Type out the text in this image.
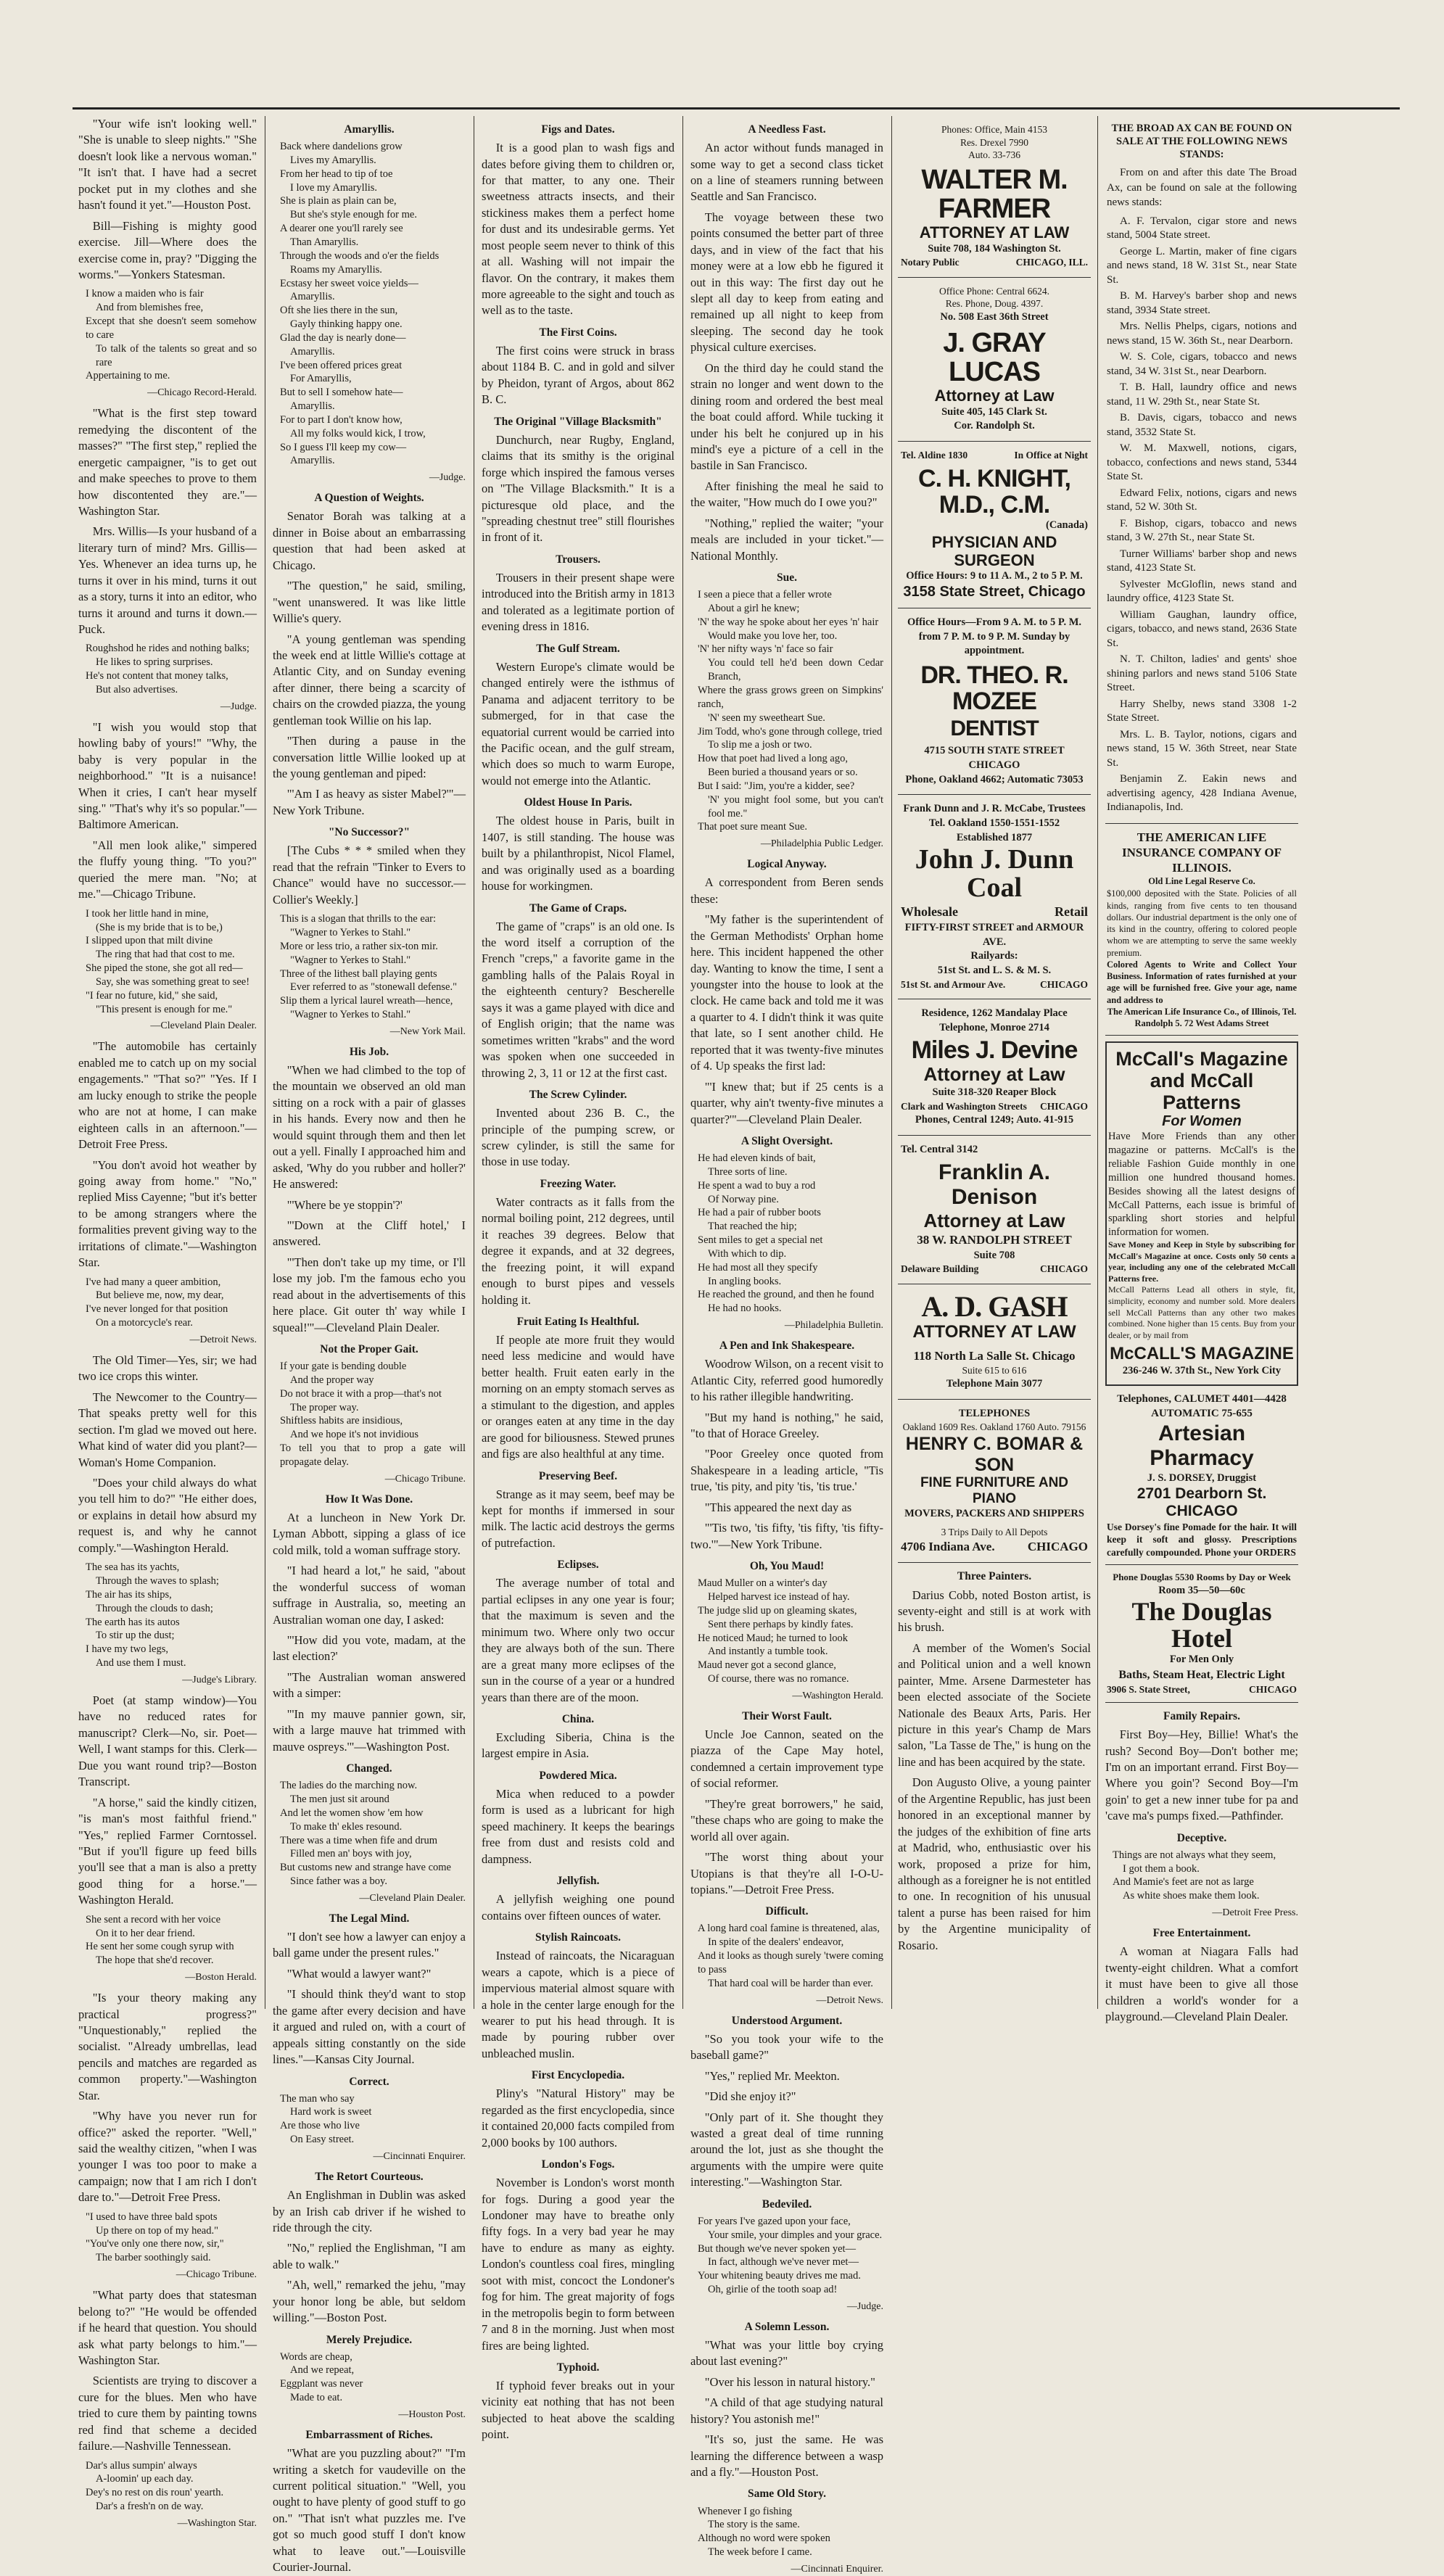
"Your wife isn't looking well." "She is unable to sleep nights." "She doesn't look like a nervous woman." "It isn't that. I have had a secret pocket put in my clothes and she hasn't found it yet."—Houston Post.

Bill—Fishing is mighty good exercise. Jill—Where does the exercise come in, pray? "Digging the worms."—Yonkers Statesman.

I know a maiden who is fair
And from blemishes free,
Except that she doesn't seem somehow to care
To talk of the talents so great and so rare
Appertaining to me.
—Chicago Record-Herald.

"What is the first step toward remedying the discontent of the masses?" "The first step," replied the energetic campaigner, "is to get out and make speeches to prove to them how discontented they are."—Washington Star.

Mrs. Willis—Is your husband of a literary turn of mind? Mrs. Gillis—Yes. Whenever an idea turns up, he turns it over in his mind, turns it out as a story, turns it into an editor, who turns it around and turns it down.—Puck.

Roughshod he rides and nothing balks;
He likes to spring surprises.
He's not content that money talks,
But also advertises.
—Judge.

"I wish you would stop that howling baby of yours!" "Why, the baby is very popular in the neighborhood." "It is a nuisance! When it cries, I can't hear myself sing." "That's why it's so popular."—Baltimore American.

"All men look alike," simpered the fluffy young thing. "To you?" queried the mere man. "No; at me."—Chicago Tribune.

I took her little hand in mine,
(She is my bride that is to be,)
I slipped upon that milt divine
The ring that had that cost to me.
She piped the stone, she got all red—
Say, she was something great to see!
"I fear no future, kid," she said,
"This present is enough for me."
—Cleveland Plain Dealer.

"The automobile has certainly enabled me to catch up on my social engagements." "That so?" "Yes. If I am lucky enough to strike the people who are not at home, I can make eighteen calls in an afternoon."—Detroit Free Press.

"You don't avoid hot weather by going away from home." "No," replied Miss Cayenne; "but it's better to be among strangers where the formalities prevent giving way to the irritations of climate."—Washington Star.

I've had many a queer ambition,
But believe me, now, my dear,
I've never longed for that position
On a motorcycle's rear.
—Detroit News.

The Old Timer—Yes, sir; we had two ice crops this winter.

The Newcomer to the Country—That speaks pretty well for this section. I'm glad we moved out here. What kind of water did you plant?—Woman's Home Companion.

"Does your child always do what you tell him to do?" "He either does, or explains in detail how absurd my request is, and why he cannot comply."—Washington Herald.

The sea has its yachts,
Through the waves to splash;
The air has its ships,
Through the clouds to dash;
The earth has its autos
To stir up the dust;
I have my two legs,
And use them I must.
—Judge's Library.

Poet (at stamp window)—You have no reduced rates for manuscript? Clerk—No, sir. Poet—Well, I want stamps for this. Clerk—Due you want round trip?—Boston Transcript.

"A horse," said the kindly citizen, "is man's most faithful friend." "Yes," replied Farmer Corntossel. "But if you'll figure up feed bills you'll see that a man is also a pretty good thing for a horse."—Washington Herald.

She sent a record with her voice
On it to her dear friend.
He sent her some cough syrup with
The hope that she'd recover.
—Boston Herald.

"Is your theory making any practical progress?" "Unquestionably," replied the socialist. "Already umbrellas, lead pencils and matches are regarded as common property."—Washington Star.

"Why have you never run for office?" asked the reporter. "Well," said the wealthy citizen, "when I was younger I was too poor to make a campaign; now that I am rich I don't dare to."—Detroit Free Press.

"I used to have three bald spots
Up there on top of my head."
"You've only one there now, sir,"
The barber soothingly said.
—Chicago Tribune.

"What party does that statesman belong to?" "He would be offended if he heard that question. You should ask what party belongs to him."—Washington Star.

Scientists are trying to discover a cure for the blues. Men who have tried to cure them by painting towns red find that scheme a decided failure.—Nashville Tennessean.

Dar's allus sumpin' always
A-loomin' up each day.
Dey's no rest on dis roun' yearth.
Dar's a fresh'n on de way.
—Washington Star.
Amaryllis.
Back where dandelions grow
Lives my Amaryllis.
From her head to tip of toe
I love my Amaryllis.
She is plain as plain can be,
But she's style enough for me.
A dearer one you'll rarely see
Than Amaryllis.
Through the woods and o'er the fields
Roams my Amaryllis.
Ecstasy her sweet voice yields—
Amaryllis.
Oft she lies there in the sun,
Gayly thinking happy one.
Glad the day is nearly done—
Amaryllis.
I've been offered prices great
For Amaryllis,
But to sell I somehow hate—
Amaryllis.
For to part I don't know how,
All my folks would kick, I trow,
So I guess I'll keep my cow—
Amaryllis.
—Judge.
A Question of Weights.

Senator Borah was talking at a dinner in Boise about an embarrassing question that had been asked at Chicago.

"The question," he said, smiling, "went unanswered. It was like little Willie's query.

"A young gentleman was spending the week end at little Willie's cottage at Atlantic City, and on Sunday evening after dinner, there being a scarcity of chairs on the crowded piazza, the young gentleman took Willie on his lap.

"Then during a pause in the conversation little Willie looked up at the young gentleman and piped:

"'Am I as heavy as sister Mabel?'"—New York Tribune.

"No Successor?"

[The Cubs * * * smiled when they read that the refrain "Tinker to Evers to Chance" would have no successor.—Collier's Weekly.]

This is a slogan that thrills to the ear:
"Wagner to Yerkes to Stahl."
More or less trio, a rather six-ton mir.
"Wagner to Yerkes to Stahl."
Three of the lithest ball playing gents
Ever referred to as "stonewall defense."
Slip them a lyrical laurel wreath—hence,
"Wagner to Yerkes to Stahl."
—New York Mail.
His Job.

"When we had climbed to the top of the mountain we observed an old man sitting on a rock with a pair of glasses in his hands. Every now and then he would squint through them and then let out a yell. Finally I approached him and asked, 'Why do you rubber and holler?' He answered:

"'Where be ye stoppin'?'

"'Down at the Cliff hotel,' I answered.

"'Then don't take up my time, or I'll lose my job. I'm the famous echo you read about in the advertisements of this here place. Git outer th' way while I squeal!'"—Cleveland Plain Dealer.

Not the Proper Gait.
If your gate is bending double
And the proper way
Do not brace it with a prop—that's not
The proper way.
Shiftless habits are insidious,
And we hope it's not invidious
To tell you that to prop a gate will propagate delay.
—Chicago Tribune.
How It Was Done.

At a luncheon in New York Dr. Lyman Abbott, sipping a glass of ice cold milk, told a woman suffrage story.

"I had heard a lot," he said, "about the wonderful success of woman suffrage in Australia, so, meeting an Australian woman one day, I asked:

"'How did you vote, madam, at the last election?'

"The Australian woman answered with a simper:

"'In my mauve pannier gown, sir, with a large mauve hat trimmed with mauve ospreys.'"—Washington Post.

Changed.
The ladies do the marching now.
The men just sit around
And let the women show 'em how
To make th' ekles resound.
There was a time when fife and drum
Filled men an' boys with joy,
But customs new and strange have come
Since father was a boy.
—Cleveland Plain Dealer.
The Legal Mind.

"I don't see how a lawyer can enjoy a ball game under the present rules."

"What would a lawyer want?"

"I should think they'd want to stop the game after every decision and have it argued and ruled on, with a court of appeals sitting constantly on the side lines."—Kansas City Journal.

Correct.
The man who say
Hard work is sweet
Are those who live
On Easy street.
—Cincinnati Enquirer.
The Retort Courteous.

An Englishman in Dublin was asked by an Irish cab driver if he wished to ride through the city.

"No," replied the Englishman, "I am able to walk."

"Ah, well," remarked the jehu, "may your honor long be able, but seldom willing."—Boston Post.

Merely Prejudice.
Words are cheap,
And we repeat,
Eggplant was never
Made to eat.
—Houston Post.
Embarrassment of Riches.

"What are you puzzling about?" "I'm writing a sketch for vaudeville on the current political situation." "Well, you ought to have plenty of good stuff to go on." "That isn't what puzzles me. I've got so much good stuff I don't know what to leave out."—Louisville Courier-Journal.

Figs and Dates.

It is a good plan to wash figs and dates before giving them to children or, for that matter, to any one. Their sweetness attracts insects, and their stickiness makes them a perfect home for dust and its undesirable germs. Yet most people seem never to think of this at all. Washing will not impair the flavor. On the contrary, it makes them more agreeable to the sight and touch as well as to the taste.

The First Coins.

The first coins were struck in brass about 1184 B. C. and in gold and silver by Pheidon, tyrant of Argos, about 862 B. C.

The Original "Village Blacksmith"

Dunchurch, near Rugby, England, claims that its smithy is the original forge which inspired the famous verses on "The Village Blacksmith." It is a picturesque old place, and the "spreading chestnut tree" still flourishes in front of it.

Trousers.

Trousers in their present shape were introduced into the British army in 1813 and tolerated as a legitimate portion of evening dress in 1816.

The Gulf Stream.

Western Europe's climate would be changed entirely were the isthmus of Panama and adjacent territory to be submerged, for in that case the equatorial current would be carried into the Pacific ocean, and the gulf stream, which does so much to warm Europe, would not emerge into the Atlantic.

Oldest House In Paris.

The oldest house in Paris, built in 1407, is still standing. The house was built by a philanthropist, Nicol Flamel, and was originally used as a boarding house for workingmen.

The Game of Craps.

The game of "craps" is an old one. Is the word itself a corruption of the French "creps," a favorite game in the gambling halls of the Palais Royal in the eighteenth century? Bescherelle says it was a game played with dice and of English origin; that the name was sometimes written "krabs" and the word was spoken when one succeeded in throwing 2, 3, 11 or 12 at the first cast.

The Screw Cylinder.

Invented about 236 B. C., the principle of the pumping screw, or screw cylinder, is still the same for those in use today.

Freezing Water.

Water contracts as it falls from the normal boiling point, 212 degrees, until it reaches 39 degrees. Below that degree it expands, and at 32 degrees, the freezing point, it will expand enough to burst pipes and vessels holding it.

Fruit Eating Is Healthful.

If people ate more fruit they would need less medicine and would have better health. Fruit eaten early in the morning on an empty stomach serves as a stimulant to the digestion, and apples or oranges eaten at any time in the day are good for biliousness. Stewed prunes and figs are also healthful at any time.

Preserving Beef.

Strange as it may seem, beef may be kept for months if immersed in sour milk. The lactic acid destroys the germs of putrefaction.

Eclipses.

The average number of total and partial eclipses in any one year is four; that the maximum is seven and the minimum two. Where only two occur they are always both of the sun. There are a great many more eclipses of the sun in the course of a year or a hundred years than there are of the moon.

China.

Excluding Siberia, China is the largest empire in Asia.

Powdered Mica.

Mica when reduced to a powder form is used as a lubricant for high speed machinery. It keeps the bearings free from dust and resists cold and dampness.

Jellyfish.

A jellyfish weighing one pound contains over fifteen ounces of water.

Stylish Raincoats.

Instead of raincoats, the Nicaraguan wears a capote, which is a piece of impervious material almost square with a hole in the center large enough for the wearer to put his head through. It is made by pouring rubber over unbleached muslin.

First Encyclopedia.

Pliny's "Natural History" may be regarded as the first encyclopedia, since it contained 20,000 facts compiled from 2,000 books by 100 authors.

London's Fogs.

November is London's worst month for fogs. During a good year the Londoner may have to breathe only fifty fogs. In a very bad year he may have to endure as many as eighty. London's countless coal fires, mingling soot with mist, concoct the Londoner's fog for him. The great majority of fogs in the metropolis begin to form between 7 and 8 in the morning. Just when most fires are being lighted.

Typhoid.

If typhoid fever breaks out in your vicinity eat nothing that has not been subjected to heat above the scalding point.

A Needless Fast.

An actor without funds managed in some way to get a second class ticket on a line of steamers running between Seattle and San Francisco.

The voyage between these two points consumed the better part of three days, and in view of the fact that his money were at a low ebb he figured it out in this way: The first day out he slept all day to keep from eating and remained up all night to keep from sleeping. The second day he took physical culture exercises.

On the third day he could stand the strain no longer and went down to the dining room and ordered the best meal the boat could afford. While tucking it under his belt he conjured up in his mind's eye a picture of a cell in the bastile in San Francisco.

After finishing the meal he said to the waiter, "How much do I owe you?"

"Nothing," replied the waiter; "your meals are included in your ticket."—National Monthly.

Sue.
I seen a piece that a feller wrote
About a girl he knew;
'N' the way he spoke about her eyes 'n' hair
Would make you love her, too.
'N' her nifty ways 'n' face so fair
You could tell he'd been down Cedar Branch,
Where the grass grows green on Simpkins' ranch,
'N' seen my sweetheart Sue.
Jim Todd, who's gone through college, tried
To slip me a josh or two.
How that poet had lived a long ago,
Been buried a thousand years or so.
But I said: "Jim, you're a kidder, see?
'N' you might fool some, but you can't fool me."
That poet sure meant Sue.
—Philadelphia Public Ledger.
Logical Anyway.

A correspondent from Beren sends these:

"My father is the superintendent of the German Methodists' Orphan home here. This incident happened the other day. Wanting to know the time, I sent a youngster into the house to look at the clock. He came back and told me it was a quarter to 4. I didn't think it was quite that late, so I sent another child. He reported that it was twenty-five minutes of 4. Up speaks the first lad:

"'I knew that; but if 25 cents is a quarter, why ain't twenty-five minutes a quarter?'"—Cleveland Plain Dealer.

A Slight Oversight.
He had eleven kinds of bait,
Three sorts of line.
He spent a wad to buy a rod
Of Norway pine.
He had a pair of rubber boots
That reached the hip;
Sent miles to get a special net
With which to dip.
He had most all they specify
In angling books.
He reached the ground, and then he found
He had no hooks.
—Philadelphia Bulletin.
A Pen and Ink Shakespeare.

Woodrow Wilson, on a recent visit to Atlantic City, referred good humoredly to his rather illegible handwriting.

"But my hand is nothing," he said, "to that of Horace Greeley.

"Poor Greeley once quoted from Shakespeare in a leading article, ''Tis true, 'tis pity, and pity 'tis, 'tis true.'

"This appeared the next day as

"'Tis two, 'tis fifty, 'tis fifty, 'tis fifty-two.'"—New York Tribune.

Oh, You Maud!
Maud Muller on a winter's day
Helped harvest ice instead of hay.
The judge slid up on gleaming skates,
Sent there perhaps by kindly fates.
He noticed Maud; he turned to look
And instantly a tumble took.
Maud never got a second glance,
Of course, there was no romance.
—Washington Herald.
Their Worst Fault.

Uncle Joe Cannon, seated on the piazza of the Cape May hotel, condemned a certain improvement type of social reformer.

"They're great borrowers," he said, "these chaps who are going to make the world all over again.

"The worst thing about your Utopians is that they're all I-O-U-topians."—Detroit Free Press.

Difficult.
A long hard coal famine is threatened, alas,
In spite of the dealers' endeavor,
And it looks as though surely 'twere coming to pass
That hard coal will be harder than ever.
—Detroit News.
Understood Argument.

"So you took your wife to the baseball game?"

"Yes," replied Mr. Meekton.

"Did she enjoy it?"

"Only part of it. She thought they wasted a great deal of time running around the lot, just as she thought the arguments with the umpire were quite interesting."—Washington Star.

Bedeviled.
For years I've gazed upon your face,
Your smile, your dimples and your grace.
But though we've never spoken yet—
In fact, although we've never met—
Your whitening beauty drives me mad.
Oh, girlie of the tooth soap ad!
—Judge.
A Solemn Lesson.

"What was your little boy crying about last evening?"

"Over his lesson in natural history."

"A child of that age studying natural history? You astonish me!"

"It's so, just the same. He was learning the difference between a wasp and a fly."—Houston Post.

Same Old Story.
Whenever I go fishing
The story is the same.
Although no word were spoken
The week before I came.
—Cincinnati Enquirer.
Phones: Office, Main 4153
Res. Drexel 7990
Auto. 33-736
WALTER M. FARMER
ATTORNEY AT LAW
Suite 708, 184 Washington St.
Notary Public	CHICAGO, ILL.
Office Phone: Central 6624.
Res. Phone, Doug. 4397.
No. 508 East 36th Street
J. GRAY LUCAS
Attorney at Law
Suite 405, 145 Clark St.
Cor. Randolph St.
Tel. Aldine 1830	In Office at Night
C. H. KNIGHT, M.D., C.M.
(Canada)
PHYSICIAN AND SURGEON
Office Hours: 9 to 11 A. M., 2 to 5 P. M.
3158 State Street, Chicago
Office Hours—From 9 A. M. to 5 P. M. from 7 P. M. to 9 P. M. Sunday by appointment.
DR. THEO. R. MOZEE
DENTIST
4715 SOUTH STATE STREET
CHICAGO
Phone, Oakland 4662; Automatic 73053
Frank Dunn and J. R. McCabe, Trustees
Tel. Oakland 1550-1551-1552
Established 1877
John J. Dunn
Coal
Wholesale	Retail
FIFTY-FIRST STREET and ARMOUR AVE.
Railyards:
51st St. and L. S. & M. S.
51st St. and Armour Ave.	CHICAGO
Residence, 1262 Mandalay Place
Telephone, Monroe 2714
Miles J. Devine
Attorney at Law
Suite 318-320 Reaper Block
Clark and Washington Streets CHICAGO
Phones, Central 1249; Auto. 41-915
Tel. Central 3142
Franklin A. Denison
Attorney at Law
38 W. RANDOLPH STREET
Suite 708
Delaware Building	CHICAGO
A. D. GASH
ATTORNEY AT LAW
118 North La Salle St. Chicago
Suite 615 to 616
Telephone Main 3077
TELEPHONES
Oakland 1609 Res. Oakland 1760 Auto. 79156
HENRY C. BOMAR & SON
FINE FURNITURE AND PIANO
MOVERS, PACKERS AND SHIPPERS
3 Trips Daily to All Depots
4706 Indiana Ave.	CHICAGO
Three Painters.

Darius Cobb, noted Boston artist, is seventy-eight and still is at work with his brush.

A member of the Women's Social and Political union and a well known painter, Mme. Arsene Darmesteter has been elected associate of the Societe Nationale des Beaux Arts, Paris. Her picture in this year's Champ de Mars salon, "La Tasse de The," is hung on the line and has been acquired by the state.

Don Augusto Olive, a young painter of the Argentine Republic, has just been honored in an exceptional manner by the judges of the exhibition of fine arts at Madrid, who, enthusiastic over his work, proposed a prize for him, although as a foreigner he is not entitled to one. In recognition of his unusual talent a purse has been raised for him by the Argentine municipality of Rosario.

THE BROAD AX CAN BE FOUND ON SALE AT THE FOLLOWING NEWS STANDS:

From on and after this date The Broad Ax, can be found on sale at the following news stands:

A. F. Tervalon, cigar store and news stand, 5004 State street.

George L. Martin, maker of fine cigars and news stand, 18 W. 31st St., near State St.

B. M. Harvey's barber shop and news stand, 3934 State street.

Mrs. Nellis Phelps, cigars, notions and news stand, 15 W. 36th St., near Dearborn.

W. S. Cole, cigars, tobacco and news stand, 34 W. 31st St., near Dearborn.

T. B. Hall, laundry office and news stand, 11 W. 29th St., near State St.

B. Davis, cigars, tobacco and news stand, 3532 State St.

W. M. Maxwell, notions, cigars, tobacco, confections and news stand, 5344 State St.

Edward Felix, notions, cigars and news stand, 52 W. 30th St.

F. Bishop, cigars, tobacco and news stand, 3 W. 27th St., near State St.

Turner Williams' barber shop and news stand, 4123 State St.

Sylvester McGloflin, news stand and laundry office, 4123 State St.

William Gaughan, laundry office, cigars, tobacco, and news stand, 2636 State St.

N. T. Chilton, ladies' and gents' shoe shining parlors and news stand 5106 State Street.

Harry Shelby, news stand 3308 1-2 State Street.

Mrs. L. B. Taylor, notions, cigars and news stand, 15 W. 36th Street, near State St.

Benjamin Z. Eakin news and advertising agency, 428 Indiana Avenue, Indianapolis, Ind.

THE AMERICAN LIFE INSURANCE COMPANY OF ILLINOIS.
Old Line Legal Reserve Co.
$100,000 deposited with the State. Policies of all kinds, ranging from five cents to ten thousand dollars. Our industrial department is the only one of its kind in the country, offering to colored people whom we are attempting to serve the same weekly premium.
Colored Agents to Write and Collect Your Business. Information of rates furnished at your age will be furnished free. Give your age, name and address to
The American Life Insurance Co., of Illinois, Tel. Randolph 5. 72 West Adams Street
McCall's Magazine and McCall Patterns
For Women
Have More Friends than any other magazine or patterns. McCall's is the reliable Fashion Guide monthly in one million one hundred thousand homes. Besides showing all the latest designs of McCall Patterns, each issue is brimful of sparkling short stories and helpful information for women.
Save Money and Keep in Style by subscribing for McCall's Magazine at once. Costs only 50 cents a year, including any one of the celebrated McCall Patterns free.
McCall Patterns Lead all others in style, fit, simplicity, economy and number sold. More dealers sell McCall Patterns than any other two makes combined. None higher than 15 cents. Buy from your dealer, or by mail from
McCALL'S MAGAZINE
236-246 W. 37th St., New York City
Telephones, CALUMET 4401—4428
AUTOMATIC 75-655
Artesian Pharmacy
J. S. DORSEY, Druggist
2701 Dearborn St. CHICAGO
Use Dorsey's fine Pomade for the hair. It will keep it soft and glossy. Prescriptions carefully compounded. Phone your ORDERS
Phone Douglas 5530 Rooms by Day or Week
Room 35—50—60c
The Douglas Hotel
For Men Only
Baths, Steam Heat, Electric Light
3906 S. State Street,	CHICAGO
Family Repairs.

First Boy—Hey, Billie! What's the rush? Second Boy—Don't bother me; I'm on an important errand. First Boy—Where you goin'? Second Boy—I'm goin' to get a new inner tube for pa and 'cave ma's pumps fixed.—Pathfinder.

Deceptive.
Things are not always what they seem,
I got them a book.
And Mamie's feet are not as large
As white shoes make them look.
—Detroit Free Press.
Free Entertainment.

A woman at Niagara Falls had twenty-eight children. What a comfort it must have been to give all those children a world's wonder for a playground.—Cleveland Plain Dealer.
